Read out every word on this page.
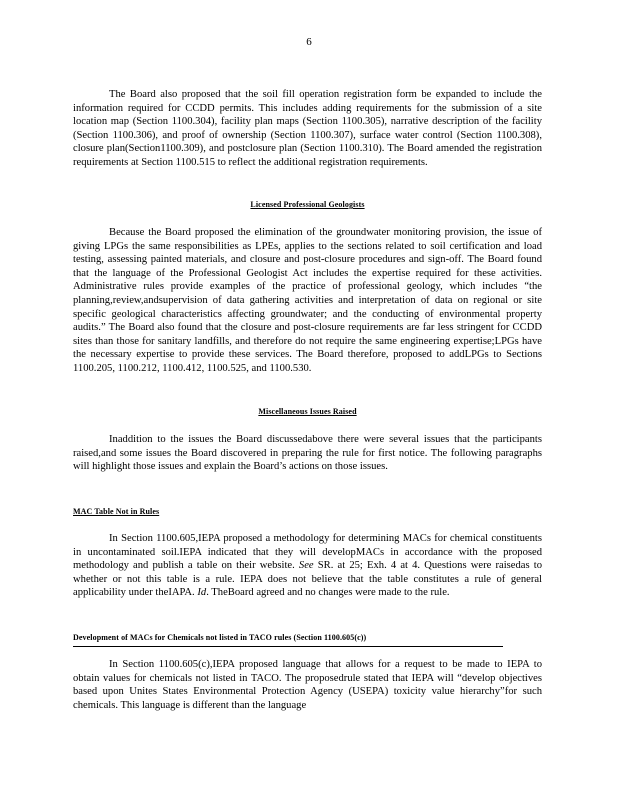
6

The Board also proposed that the soil fill operation registration form be expanded to include the information required for CCDD permits. This includes adding requirements for the submission of a site location map (Section 1100.304), facility plan maps (Section 1100.305), narrative description of the facility (Section 1100.306), and proof of ownership (Section 1100.307), surface water control (Section 1100.308), closure plan(Section1100.309), and postclosure plan (Section 1100.310). The Board amended the registration requirements at Section 1100.515 to reflect the additional registration requirements.

Licensed Professional Geologists

Because the Board proposed the elimination of the groundwater monitoring provision, the issue of giving LPGs the same responsibilities as LPEs, applies to the sections related to soil certification and load testing, assessing painted materials, and closure and post-closure procedures and sign-off. The Board found that the language of the Professional Geologist Act includes the expertise required for these activities. Administrative rules provide examples of the practice of professional geology, which includes “the planning,review,andsupervision of data gathering activities and interpretation of data on regional or site specific geological characteristics affecting groundwater; and the conducting of environmental property audits.” The Board also found that the closure and post-closure requirements are far less stringent for CCDD sites than those for sanitary landfills, and therefore do not require the same engineering expertise;LPGs have the necessary expertise to provide these services. The Board therefore, proposed to addLPGs to Sections 1100.205, 1100.212, 1100.412, 1100.525, and 1100.530.

Miscellaneous Issues Raised

Inaddition to the issues the Board discussedabove there were several issues that the participants raised,and some issues the Board discovered in preparing the rule for first notice. The following paragraphs will highlight those issues and explain the Board’s actions on those issues.

MAC Table Not in Rules

In Section 1100.605,IEPA proposed a methodology for determining MACs for chemical constituents in uncontaminated soil.IEPA indicated that they will developMACs in accordance with the proposed methodology and publish a table on their website. See SR. at 25; Exh. 4 at 4. Questions were raisedas to whether or not this table is a rule. IEPA does not believe that the table constitutes a rule of general applicability under theIAPA. Id. TheBoard agreed and no changes were made to the rule.

Development of MACs for Chemicals not listed in TACO rules (Section 1100.605(c))

In Section 1100.605(c),IEPA proposed language that allows for a request to be made to IEPA to obtain values for chemicals not listed in TACO. The proposedrule stated that IEPA will “develop objectives based upon Unites States Environmental Protection Agency (USEPA) toxicity value hierarchy”for such chemicals. This language is different than the language
